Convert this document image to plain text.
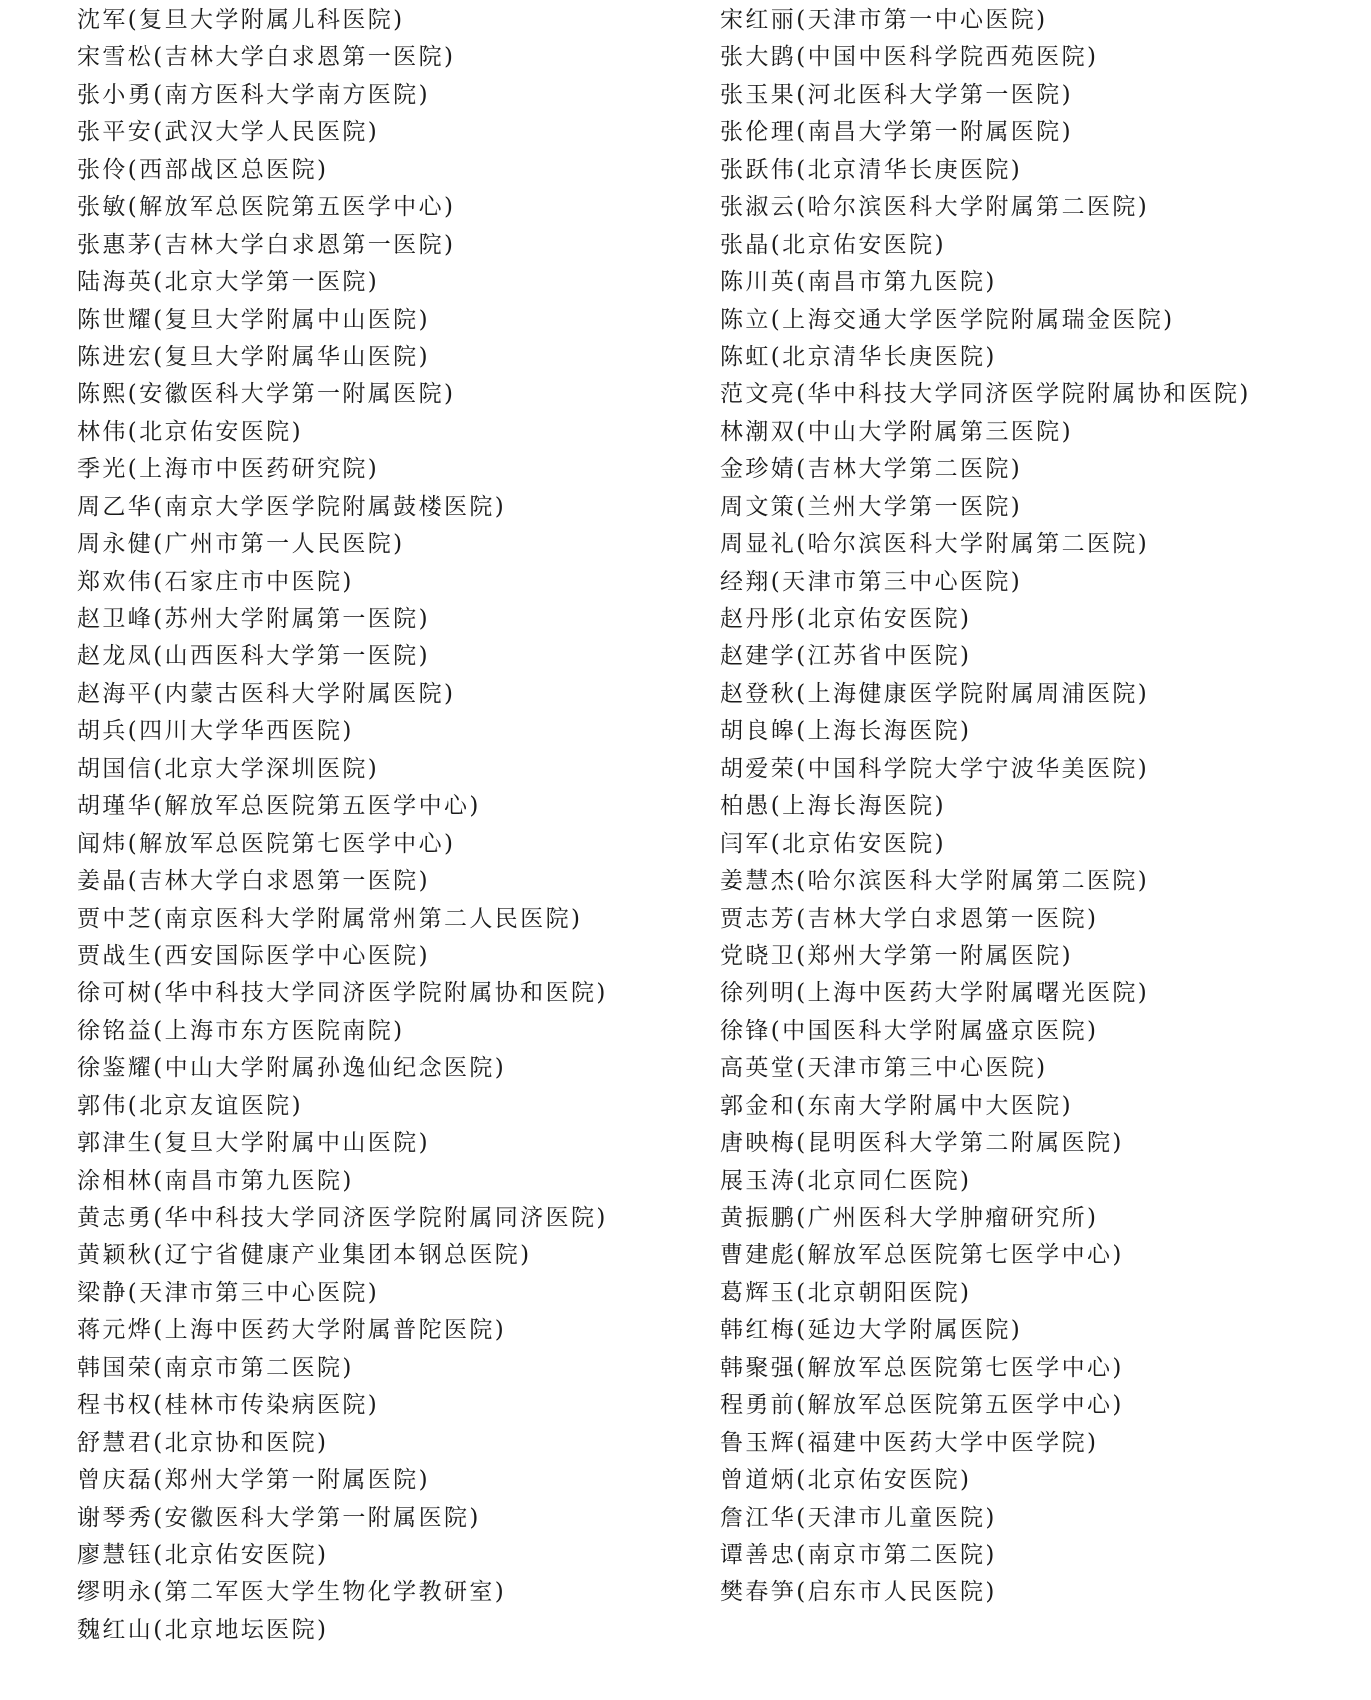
沈军(复旦大学附属儿科医院)
宋雪松(吉林大学白求恩第一医院)
张小勇(南方医科大学南方医院)
张平安(武汉大学人民医院)
张伶(西部战区总医院)
张敏(解放军总医院第五医学中心)
张惠茅(吉林大学白求恩第一医院)
陆海英(北京大学第一医院)
陈世耀(复旦大学附属中山医院)
陈进宏(复旦大学附属华山医院)
陈熙(安徽医科大学第一附属医院)
林伟(北京佑安医院)
季光(上海市中医药研究院)
周乙华(南京大学医学院附属鼓楼医院)
周永健(广州市第一人民医院)
郑欢伟(石家庄市中医院)
赵卫峰(苏州大学附属第一医院)
赵龙凤(山西医科大学第一医院)
赵海平(内蒙古医科大学附属医院)
胡兵(四川大学华西医院)
胡国信(北京大学深圳医院)
胡瑾华(解放军总医院第五医学中心)
闻炜(解放军总医院第七医学中心)
姜晶(吉林大学白求恩第一医院)
贾中芝(南京医科大学附属常州第二人民医院)
贾战生(西安国际医学中心医院)
徐可树(华中科技大学同济医学院附属协和医院)
徐铭益(上海市东方医院南院)
徐鉴耀(中山大学附属孙逸仙纪念医院)
郭伟(北京友谊医院)
郭津生(复旦大学附属中山医院)
涂相林(南昌市第九医院)
黄志勇(华中科技大学同济医学院附属同济医院)
黄颖秋(辽宁省健康产业集团本钢总医院)
梁静(天津市第三中心医院)
蒋元烨(上海中医药大学附属普陀医院)
韩国荣(南京市第二医院)
程书权(桂林市传染病医院)
舒慧君(北京协和医院)
曾庆磊(郑州大学第一附属医院)
谢琴秀(安徽医科大学第一附属医院)
廖慧钰(北京佑安医院)
缪明永(第二军医大学生物化学教研室)
魏红山(北京地坛医院)
宋红丽(天津市第一中心医院)
张大鹍(中国中医科学院西苑医院)
张玉果(河北医科大学第一医院)
张伦理(南昌大学第一附属医院)
张跃伟(北京清华长庚医院)
张淑云(哈尔滨医科大学附属第二医院)
张晶(北京佑安医院)
陈川英(南昌市第九医院)
陈立(上海交通大学医学院附属瑞金医院)
陈虹(北京清华长庚医院)
范文亮(华中科技大学同济医学院附属协和医院)
林潮双(中山大学附属第三医院)
金珍婧(吉林大学第二医院)
周文策(兰州大学第一医院)
周显礼(哈尔滨医科大学附属第二医院)
经翔(天津市第三中心医院)
赵丹彤(北京佑安医院)
赵建学(江苏省中医院)
赵登秋(上海健康医学院附属周浦医院)
胡良皞(上海长海医院)
胡爱荣(中国科学院大学宁波华美医院)
柏愚(上海长海医院)
闫军(北京佑安医院)
姜慧杰(哈尔滨医科大学附属第二医院)
贾志芳(吉林大学白求恩第一医院)
党晓卫(郑州大学第一附属医院)
徐列明(上海中医药大学附属曙光医院)
徐锋(中国医科大学附属盛京医院)
高英堂(天津市第三中心医院)
郭金和(东南大学附属中大医院)
唐映梅(昆明医科大学第二附属医院)
展玉涛(北京同仁医院)
黄振鹏(广州医科大学肿瘤研究所)
曹建彪(解放军总医院第七医学中心)
葛辉玉(北京朝阳医院)
韩红梅(延边大学附属医院)
韩聚强(解放军总医院第七医学中心)
程勇前(解放军总医院第五医学中心)
鲁玉辉(福建中医药大学中医学院)
曾道炳(北京佑安医院)
詹江华(天津市儿童医院)
谭善忠(南京市第二医院)
樊春笋(启东市人民医院)
